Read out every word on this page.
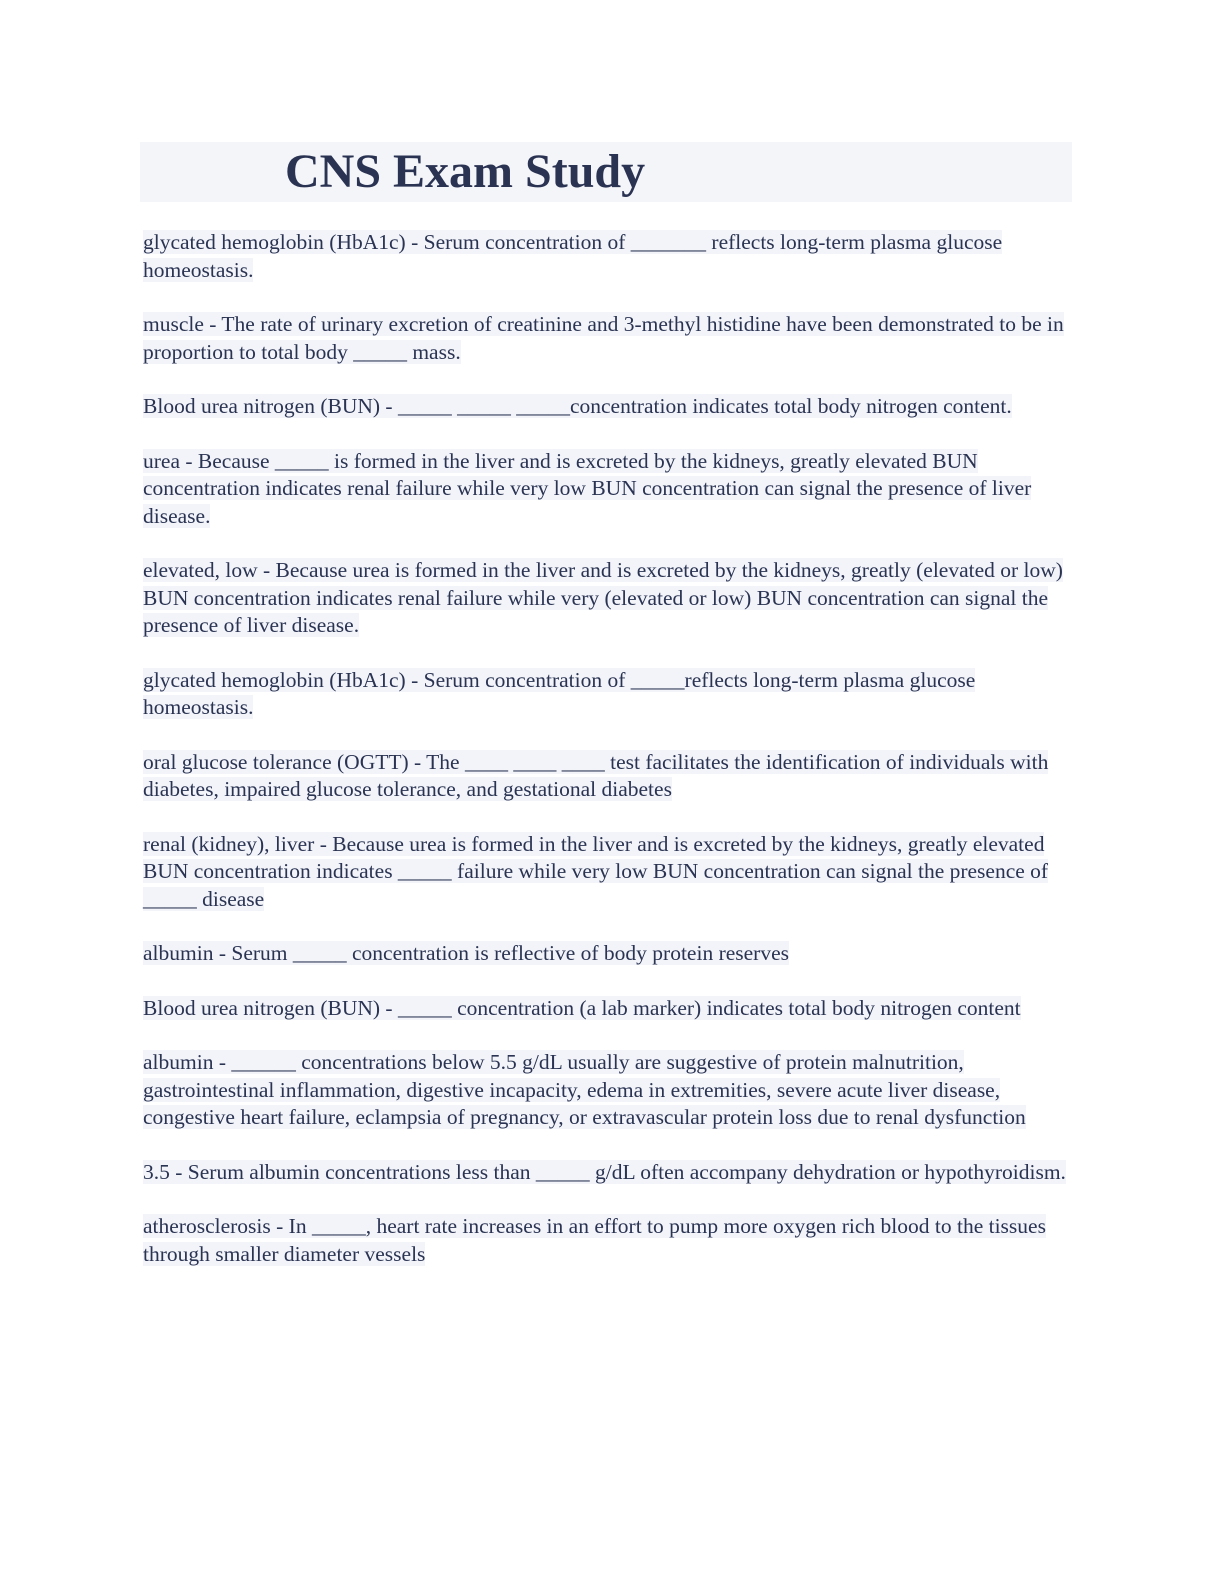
CNS Exam Study

glycated hemoglobin (HbA1c) - Serum concentration of _______ reflects long-term plasma glucose homeostasis.

muscle - The rate of urinary excretion of creatinine and 3-methyl histidine have been demonstrated to be in proportion to total body _____ mass.

Blood urea nitrogen (BUN) - _____ _____ _____concentration indicates total body nitrogen content.

urea - Because _____ is formed in the liver and is excreted by the kidneys, greatly elevated BUN concentration indicates renal failure while very low BUN concentration can signal the presence of liver disease.

elevated, low - Because urea is formed in the liver and is excreted by the kidneys, greatly (elevated or low) BUN concentration indicates renal failure while very (elevated or low) BUN concentration can signal the presence of liver disease.

glycated hemoglobin (HbA1c) - Serum concentration of _____reflects long-term plasma glucose homeostasis.

oral glucose tolerance (OGTT) - The ____ ____ ____ test facilitates the identification of individuals with diabetes, impaired glucose tolerance, and gestational diabetes

renal (kidney), liver - Because urea is formed in the liver and is excreted by the kidneys, greatly elevated BUN concentration indicates _____ failure while very low BUN concentration can signal the presence of _____ disease

albumin - Serum _____ concentration is reflective of body protein reserves

Blood urea nitrogen (BUN) - _____ concentration (a lab marker) indicates total body nitrogen content

albumin - ______ concentrations below 5.5 g/dL usually are suggestive of protein malnutrition, gastrointestinal inflammation, digestive incapacity, edema in extremities, severe acute liver disease, congestive heart failure, eclampsia of pregnancy, or extravascular protein loss due to renal dysfunction

3.5 - Serum albumin concentrations less than _____ g/dL often accompany dehydration or hypothyroidism.

atherosclerosis - In _____, heart rate increases in an effort to pump more oxygen rich blood to the tissues through smaller diameter vessels
